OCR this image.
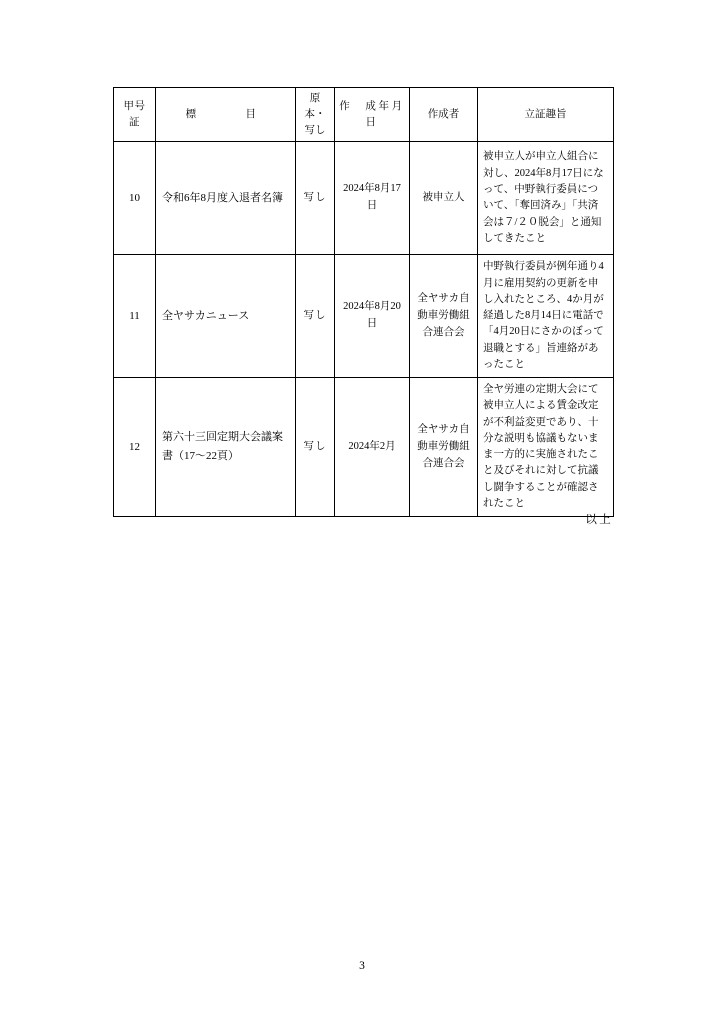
甲号証	標　　目	原本・写し	作　成年月日	作成者	立証趣旨
10	令和6年8月度入退者名簿	写し	2024年8月17日	被申立人	被申立人が申立人組合に対し、2024年8月17日になって、中野執行委員について、「奪回済み」「共済会は７/２０脱会」と通知してきたこと
11	全ヤサカニュース	写し	2024年8月20日	全ヤサカ自動車労働組合連合会	中野執行委員が例年通り4月に雇用契約の更新を申し入れたところ、4か月が経過した8月14日に電話で「4月20日にさかのぼって退職とする」旨連絡があったこと
12	第六十三回定期大会議案書（17〜22頁）	写し	2024年2月	全ヤサカ自動車労働組合連合会	全ヤ労連の定期大会にて被申立人による賃金改定が不利益変更であり、十分な説明も協議もないまま一方的に実施されたこと及びそれに対して抗議し闘争することが確認されたこと
以上
3
